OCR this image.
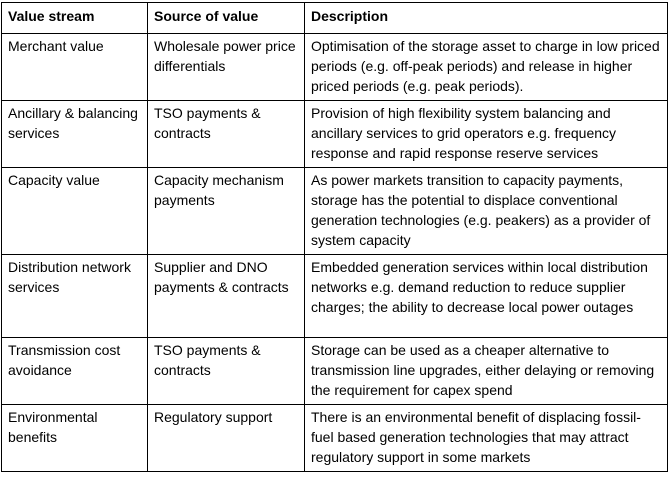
Value stream	Source of value	Description
Merchant value	Wholesale power price differentials	Optimisation of the storage asset to charge in low priced periods (e.g. off-peak periods) and release in higher priced periods (e.g. peak periods).
Ancillary & balancing services	TSO payments & contracts	Provision of high flexibility system balancing and ancillary services to grid operators e.g. frequency response and rapid response reserve services
Capacity value	Capacity mechanism payments	As power markets transition to capacity payments, storage has the potential to displace conventional generation technologies (e.g. peakers) as a provider of system capacity
Distribution network services	Supplier and DNO payments & contracts	Embedded generation services within local distribution networks e.g. demand reduction to reduce supplier charges; the ability to decrease local power outages
Transmission cost avoidance	TSO payments & contracts	Storage can be used as a cheaper alternative to transmission line upgrades, either delaying or removing the requirement for capex spend
Environmental benefits	Regulatory support	There is an environmental benefit of displacing fossil-fuel based generation technologies that may attract regulatory support in some markets
